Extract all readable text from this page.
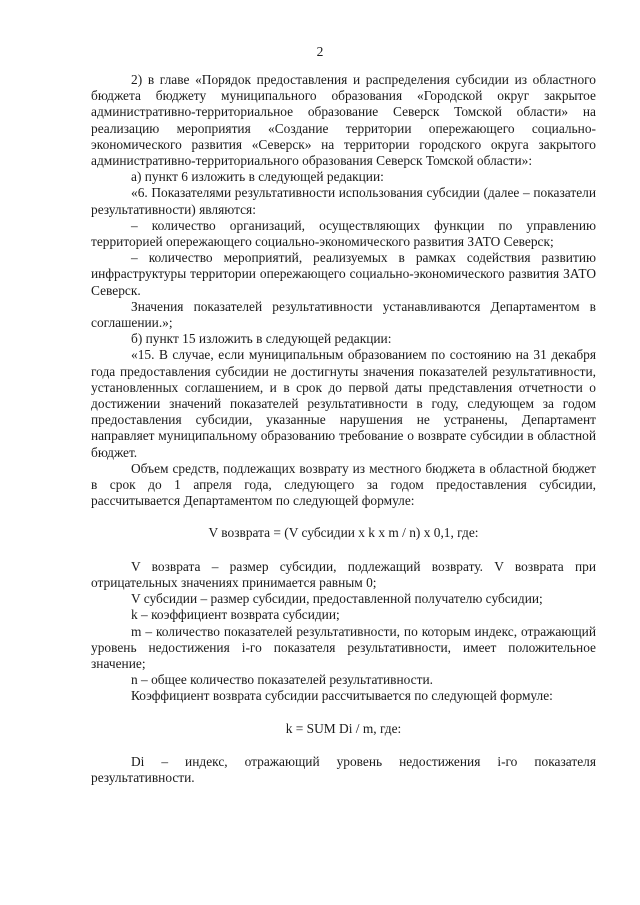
2

2) в главе «Порядок предоставления и распределения субсидии из областного бюджета бюджету муниципального образования «Городской округ закрытое административно-территориальное образование Северск Томской области» на реализацию мероприятия «Создание территории опережающего социально-экономического развития «Северск» на территории городского округа закрытого административно-территориального образования Северск Томской области»:

а) пункт 6 изложить в следующей редакции:

«6. Показателями результативности использования субсидии (далее – показатели результативности) являются:

– количество организаций, осуществляющих функции по управлению территорией опережающего социально-экономического развития ЗАТО Северск;

– количество мероприятий, реализуемых в рамках содействия развитию инфраструктуры территории опережающего социально-экономического развития ЗАТО Северск.

Значения показателей результативности устанавливаются Департаментом в соглашении.»;

б) пункт 15 изложить в следующей редакции:

«15. В случае, если муниципальным образованием по состоянию на 31 декабря года предоставления субсидии не достигнуты значения показателей результативности, установленных соглашением, и в срок до первой даты представления отчетности о достижении значений показателей результативности в году, следующем за годом предоставления субсидии, указанные нарушения не устранены, Департамент направляет муниципальному образованию требование о возврате субсидии в областной бюджет.

Объем средств, подлежащих возврату из местного бюджета в областной бюджет в срок до 1 апреля года, следующего за годом предоставления субсидии, рассчитывается Департаментом по следующей формуле:

V возврата = (V субсидии x k x m / n) x 0,1, где:

V возврата – размер субсидии, подлежащий возврату. V возврата при отрицательных значениях принимается равным 0;

V субсидии – размер субсидии, предоставленной получателю субсидии;

k – коэффициент возврата субсидии;

m – количество показателей результативности, по которым индекс, отражающий уровень недостижения i-го показателя результативности, имеет положительное значение;

n – общее количество показателей результативности.

Коэффициент возврата субсидии рассчитывается по следующей формуле:

k = SUM Di / m, где:

Di – индекс, отражающий уровень недостижения i-го показателя результативности.
